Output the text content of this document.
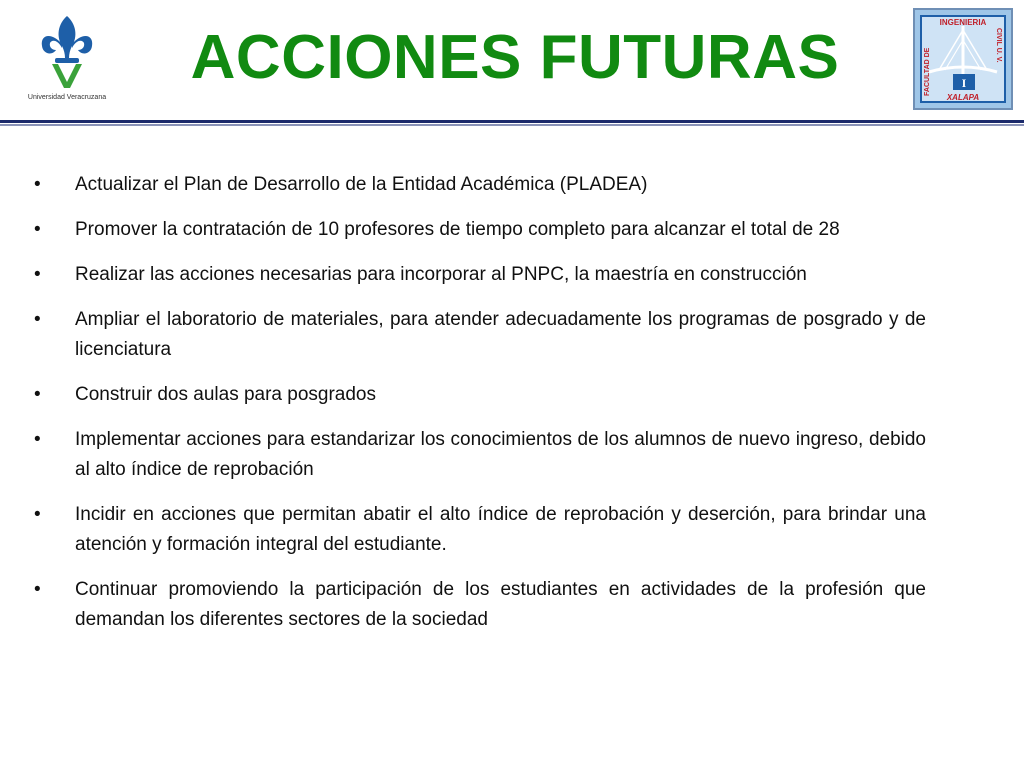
Universidad Veracruzana
ACCIONES FUTURAS	I
INGENIERIA
FACULTAD DE
CIVIL U. V.
XALAPA
•	Actualizar el Plan de Desarrollo de la Entidad Académica (PLADEA)
•	Promover la contratación de 10 profesores de tiempo completo para alcanzar el total de 28
•	Realizar las acciones necesarias para incorporar al PNPC, la maestría en construcción
•	Ampliar el laboratorio de materiales, para atender adecuadamente los programas de posgrado y de licenciatura
•	Construir dos aulas para posgrados
•	Implementar acciones para estandarizar los conocimientos de los alumnos de nuevo ingreso, debido al alto índice de reprobación
•	Incidir en acciones que permitan abatir el alto índice de reprobación y deserción, para brindar una atención y formación integral del estudiante.
•	Continuar promoviendo la participación de los estudiantes en actividades de la profesión que demandan los diferentes sectores de la sociedad
